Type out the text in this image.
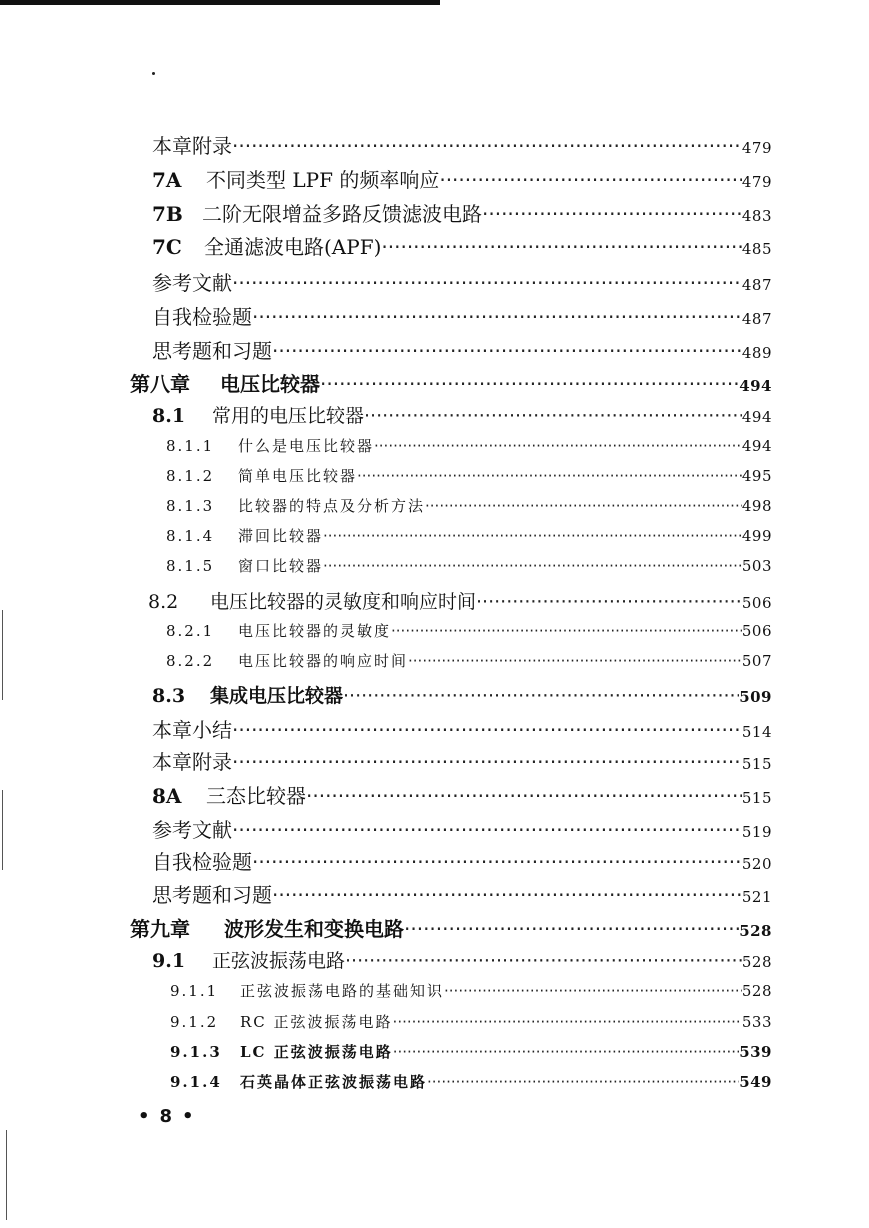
本章附录 ·····	479
7A	不同类型 LPF 的频率响应 ·····	479
7B 二阶无限增益多路反馈滤波电路 ·····	483
7C	全通滤波电路(APF) ·····	485
参考文献 ·····	487
自我检验题 ·····	487
思考题和习题 ·····	489
第八章	电压比较器 ·····	494
8.1	常用的电压比较器 ·····	494
8.1.1	什么是电压比较器 ·····	494
8.1.2	简单电压比较器 ·····	495
8.1.3	比较器的特点及分析方法 ·····	498
8.1.4	滞回比较器 ·····	499
8.1.5	窗口比较器 ·····	503
8.2	电压比较器的灵敏度和响应时间 ·····	506
8.2.1	电压比较器的灵敏度 ·····	506
8.2.2	电压比较器的响应时间 ·····	507
8.3	集成电压比较器 ·····	509
本章小结 ·····	514
本章附录 ·····	515
8A	三态比较器 ·····	515
参考文献 ·····	519
自我检验题 ·····	520
思考题和习题 ·····	521
第九章	波形发生和变换电路 ·····	528
9.1	正弦波振荡电路 ·····	528
9.1.1	正弦波振荡电路的基础知识 ·····	528
9.1.2	RC 正弦波振荡电路 ·····	533
9.1.3	LC 正弦波振荡电路 ·····	539
9.1.4	石英晶体正弦波振荡电路 ·····	549
•8•
